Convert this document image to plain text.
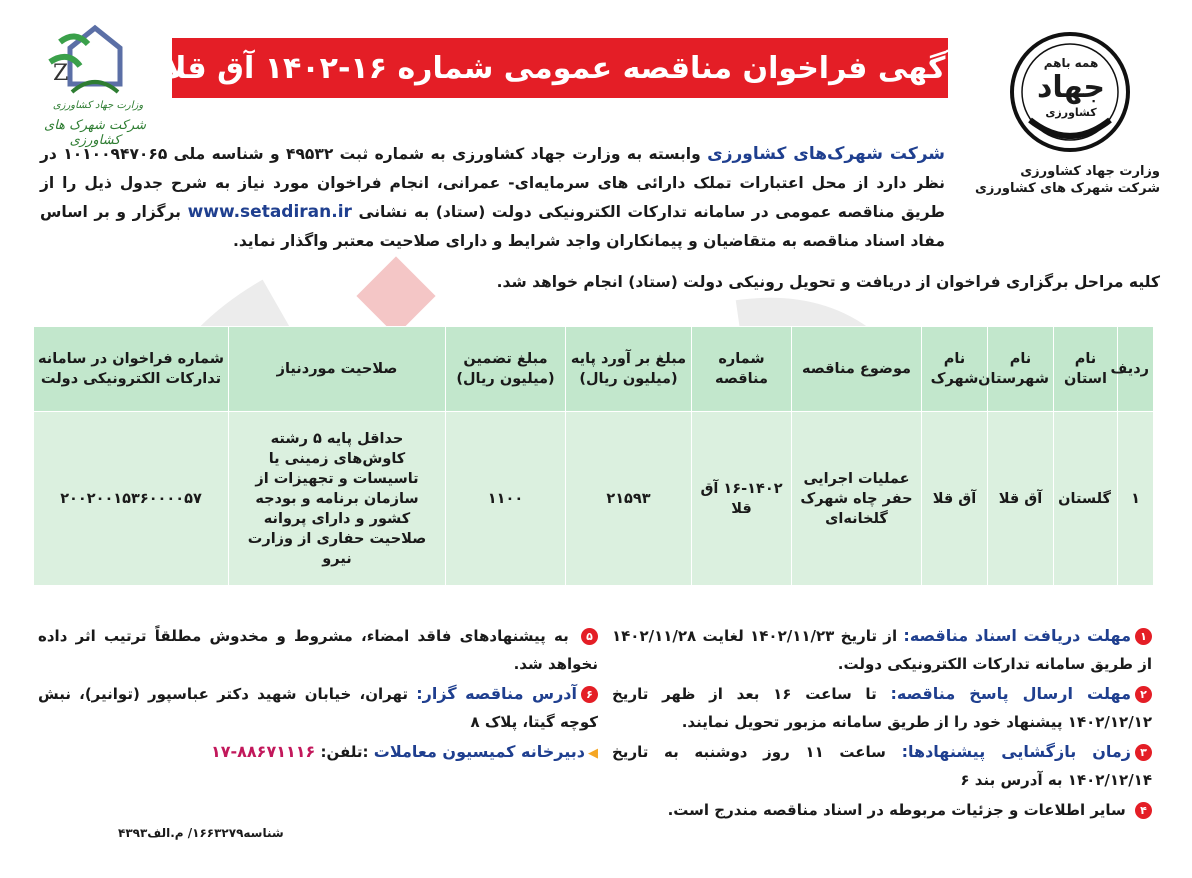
Z
وزارت جهاد کشاورزی
شرکت شهرک های کشاورزی
آگهی فراخوان مناقصه عمومی شماره ۱۶-۱۴۰۲ آق قلا	همه باهم
جهاد
کشاورزی
وزارت جهاد کشاورزی
شرکت شهرک های کشاورزی
شرکت شهرک‌های کشاورزی وابسته به وزارت جهاد کشاورزی به شماره ثبت ۴۹۵۳۲ و شناسه ملی ۱۰۱۰۰۹۴۷۰۶۵ در نظر دارد از محل اعتبارات تملک دارائی های سرمایه‌ای- عمرانی، انجام فراخوان مورد نیاز به شرح جدول ذیل را از طریق مناقصه عمومی در سامانه تدارکات الکترونیکی دولت (ستاد) به نشانی www.setadiran.ir برگزار و بر اساس مفاد اسناد مناقصه به متقاضیان و پیمانکاران واجد شرایط و دارای صلاحیت معتبر واگذار نماید.
کلیه مراحل برگزاری فراخوان از دریافت و تحویل رونیکی دولت (ستاد) انجام خواهد شد.
ردیف	نام استان	نام شهرستان	نام شهرک	موضوع مناقصه	شماره مناقصه	مبلغ بر آورد پایه (میلیون ریال)	مبلغ تضمین (میلیون ریال)	صلاحیت موردنیاز	شماره فراخوان در سامانه تدارکات الکترونیکی دولت
۱	گلستان	آق قلا	آق قلا	عملیات اجرایی حفر چاه شهرک گلخانه‌ای	۱۶-۱۴۰۲ آق قلا	۲۱۵۹۳	۱۱۰۰	حداقل پایه ۵ رشته کاوش‌های زمینی یا تاسیسات و تجهیزات از سازمان برنامه و بودجه کشور و دارای پروانه صلاحیت حفاری از وزارت نیرو	۲۰۰۲۰۰۱۵۳۶۰۰۰۰۵۷
۱مهلت دریافت اسناد مناقصه: از تاریخ ۱۴۰۲/۱۱/۲۳ لغایت ۱۴۰۲/۱۱/۲۸ از طریق سامانه تدارکات الکترونیکی دولت.
۲مهلت ارسال پاسخ مناقصه: تا ساعت ۱۶ بعد از ظهر تاریخ ۱۴۰۲/۱۲/۱۲ پیشنهاد خود را از طریق سامانه مزبور تحویل نمایند.
۳زمان بازگشایی پیشنهادها: ساعت ۱۱ روز دوشنبه به تاریخ ۱۴۰۲/۱۲/۱۴ به آدرس بند ۶
۴ سایر اطلاعات و جزئیات مربوطه در اسناد مناقصه مندرج است.
۵ به پیشنهادهای فاقد امضاء، مشروط و مخدوش مطلقاً ترتیب اثر داده نخواهد شد.
۶آدرس مناقصه گزار: تهران، خیابان شهید دکتر عباسپور (توانیر)، نبش کوچه گیتا، پلاک ۸
◀دبیرخانه کمیسیون معاملات :تلفن: ۸۸۶۷۱۱۱۶-۱۷
شناسه۱۶۶۳۲۷۹/ م.الف۴۳۹۳
